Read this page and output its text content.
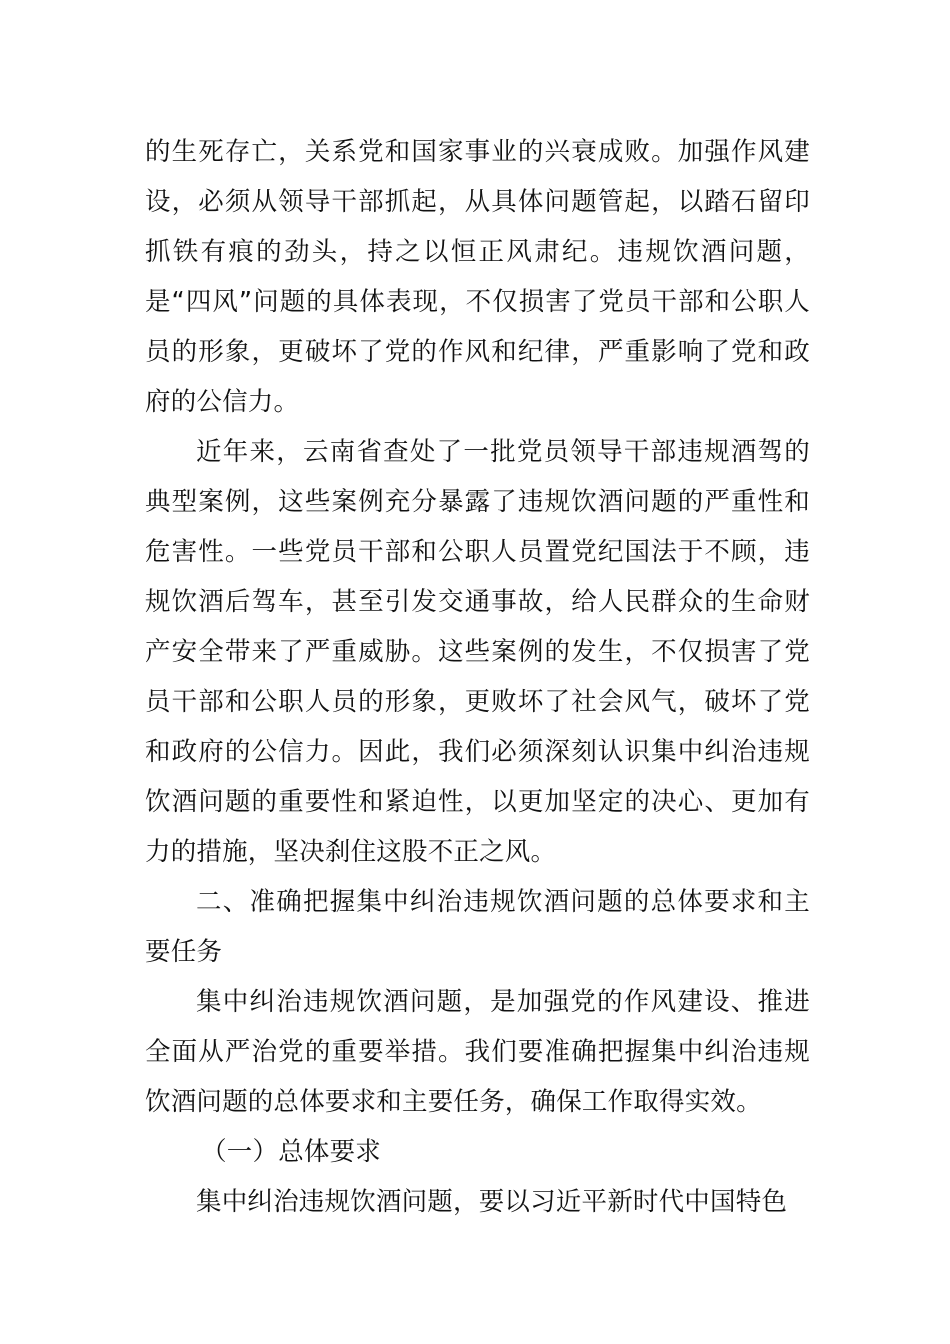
的生死存亡，关系党和国家事业的兴衰成败。加强作风建设，必须从领导干部抓起，从具体问题管起，以踏石留印抓铁有痕的劲头，持之以恒正风肃纪。违规饮酒问题，是“四风”问题的具体表现，不仅损害了党员干部和公职人员的形象，更破坏了党的作风和纪律，严重影响了党和政府的公信力。

近年来，云南省查处了一批党员领导干部违规酒驾的典型案例，这些案例充分暴露了违规饮酒问题的严重性和危害性。一些党员干部和公职人员置党纪国法于不顾，违规饮酒后驾车，甚至引发交通事故，给人民群众的生命财产安全带来了严重威胁。这些案例的发生，不仅损害了党员干部和公职人员的形象，更败坏了社会风气，破坏了党和政府的公信力。因此，我们必须深刻认识集中纠治违规饮酒问题的重要性和紧迫性，以更加坚定的决心、更加有力的措施，坚决刹住这股不正之风。

二、准确把握集中纠治违规饮酒问题的总体要求和主要任务

集中纠治违规饮酒问题，是加强党的作风建设、推进全面从严治党的重要举措。我们要准确把握集中纠治违规饮酒问题的总体要求和主要任务，确保工作取得实效。

（一）总体要求

集中纠治违规饮酒问题，要以习近平新时代中国特色
